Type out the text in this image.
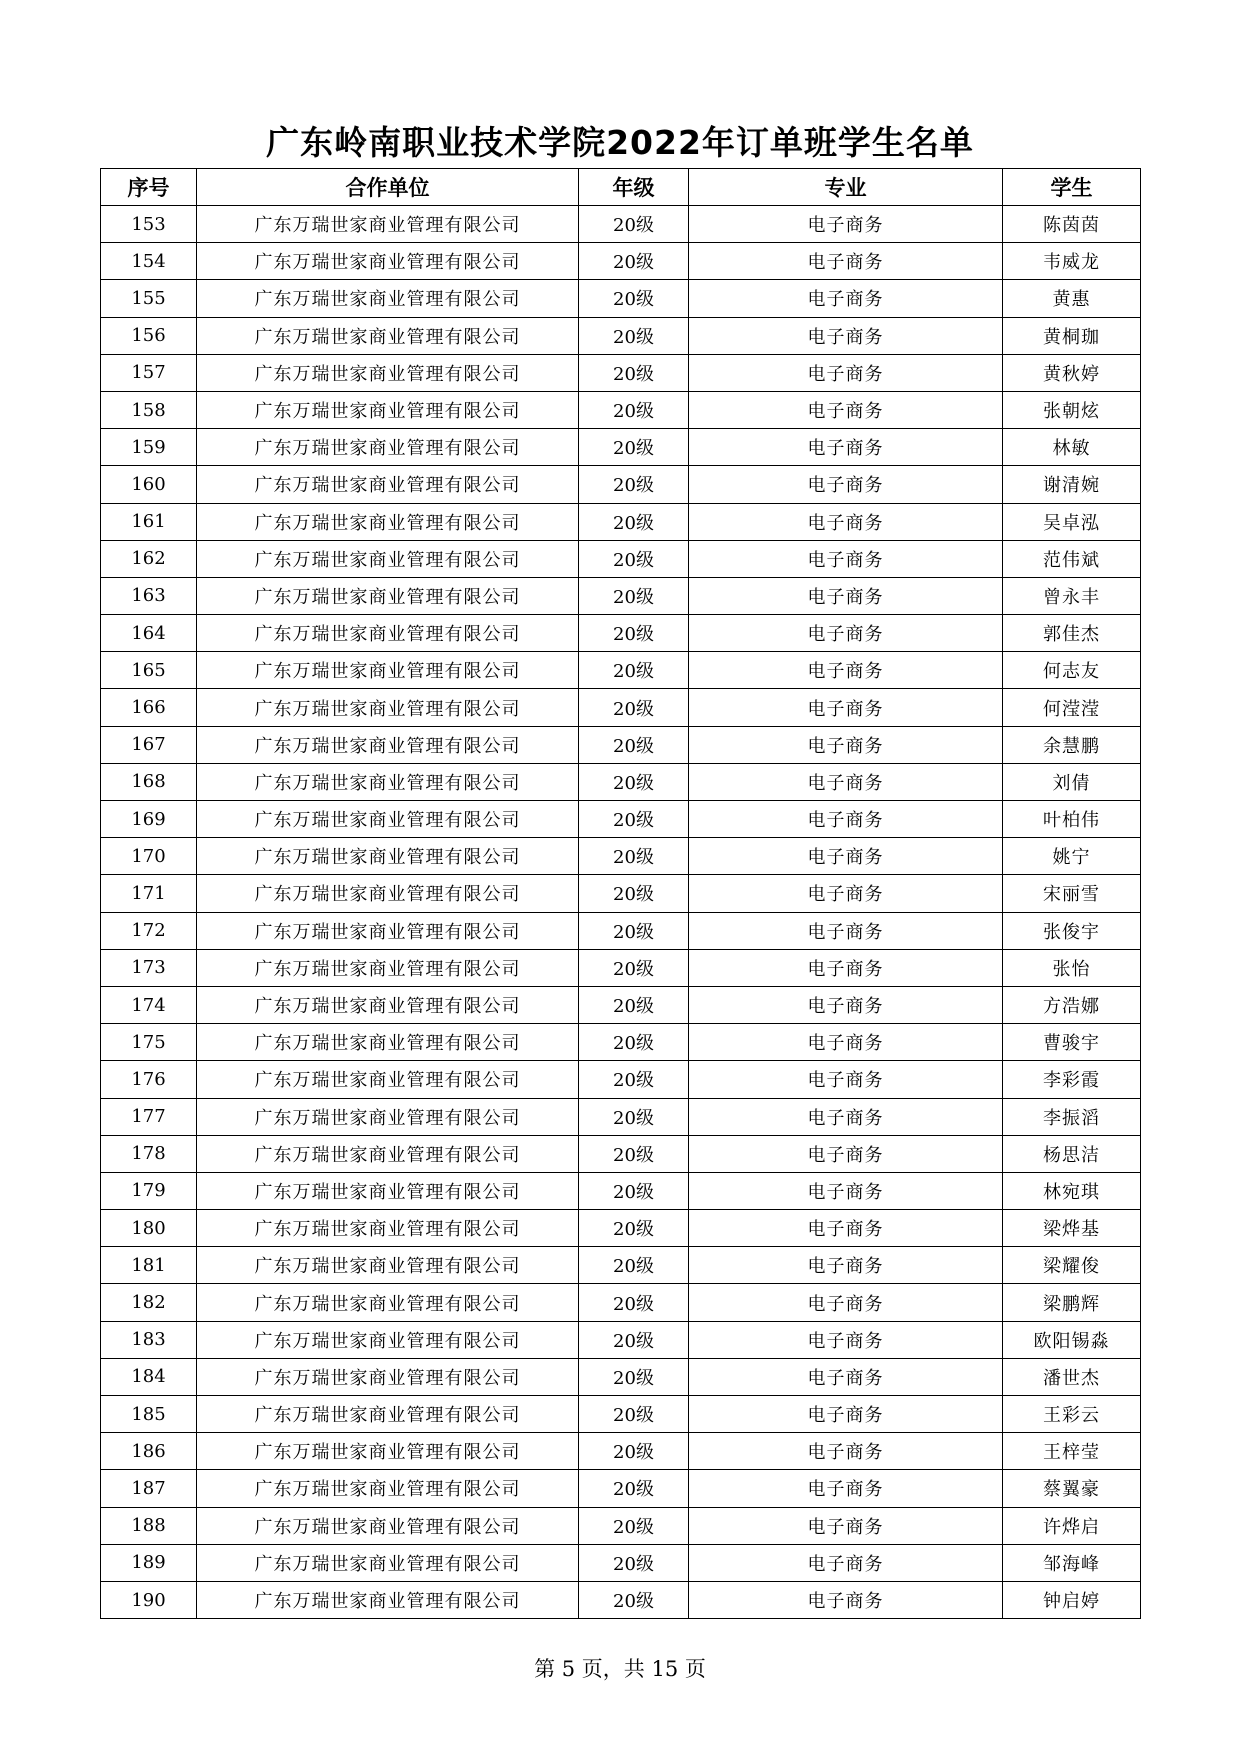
广东岭南职业技术学院2022年订单班学生名单
序号	合作单位	年级	专业	学生
153	广东万瑞世家商业管理有限公司	20级	电子商务	陈茵茵
154	广东万瑞世家商业管理有限公司	20级	电子商务	韦威龙
155	广东万瑞世家商业管理有限公司	20级	电子商务	黄惠
156	广东万瑞世家商业管理有限公司	20级	电子商务	黄桐珈
157	广东万瑞世家商业管理有限公司	20级	电子商务	黄秋婷
158	广东万瑞世家商业管理有限公司	20级	电子商务	张朝炫
159	广东万瑞世家商业管理有限公司	20级	电子商务	林敏
160	广东万瑞世家商业管理有限公司	20级	电子商务	谢清婉
161	广东万瑞世家商业管理有限公司	20级	电子商务	吴卓泓
162	广东万瑞世家商业管理有限公司	20级	电子商务	范伟斌
163	广东万瑞世家商业管理有限公司	20级	电子商务	曾永丰
164	广东万瑞世家商业管理有限公司	20级	电子商务	郭佳杰
165	广东万瑞世家商业管理有限公司	20级	电子商务	何志友
166	广东万瑞世家商业管理有限公司	20级	电子商务	何滢滢
167	广东万瑞世家商业管理有限公司	20级	电子商务	余慧鹏
168	广东万瑞世家商业管理有限公司	20级	电子商务	刘倩
169	广东万瑞世家商业管理有限公司	20级	电子商务	叶柏伟
170	广东万瑞世家商业管理有限公司	20级	电子商务	姚宁
171	广东万瑞世家商业管理有限公司	20级	电子商务	宋丽雪
172	广东万瑞世家商业管理有限公司	20级	电子商务	张俊宇
173	广东万瑞世家商业管理有限公司	20级	电子商务	张怡
174	广东万瑞世家商业管理有限公司	20级	电子商务	方浩娜
175	广东万瑞世家商业管理有限公司	20级	电子商务	曹骏宇
176	广东万瑞世家商业管理有限公司	20级	电子商务	李彩霞
177	广东万瑞世家商业管理有限公司	20级	电子商务	李振滔
178	广东万瑞世家商业管理有限公司	20级	电子商务	杨思洁
179	广东万瑞世家商业管理有限公司	20级	电子商务	林宛琪
180	广东万瑞世家商业管理有限公司	20级	电子商务	梁烨基
181	广东万瑞世家商业管理有限公司	20级	电子商务	梁耀俊
182	广东万瑞世家商业管理有限公司	20级	电子商务	梁鹏辉
183	广东万瑞世家商业管理有限公司	20级	电子商务	欧阳锡淼
184	广东万瑞世家商业管理有限公司	20级	电子商务	潘世杰
185	广东万瑞世家商业管理有限公司	20级	电子商务	王彩云
186	广东万瑞世家商业管理有限公司	20级	电子商务	王梓莹
187	广东万瑞世家商业管理有限公司	20级	电子商务	蔡翼豪
188	广东万瑞世家商业管理有限公司	20级	电子商务	许烨启
189	广东万瑞世家商业管理有限公司	20级	电子商务	邹海峰
190	广东万瑞世家商业管理有限公司	20级	电子商务	钟启婷
第 5 页，共 15 页
